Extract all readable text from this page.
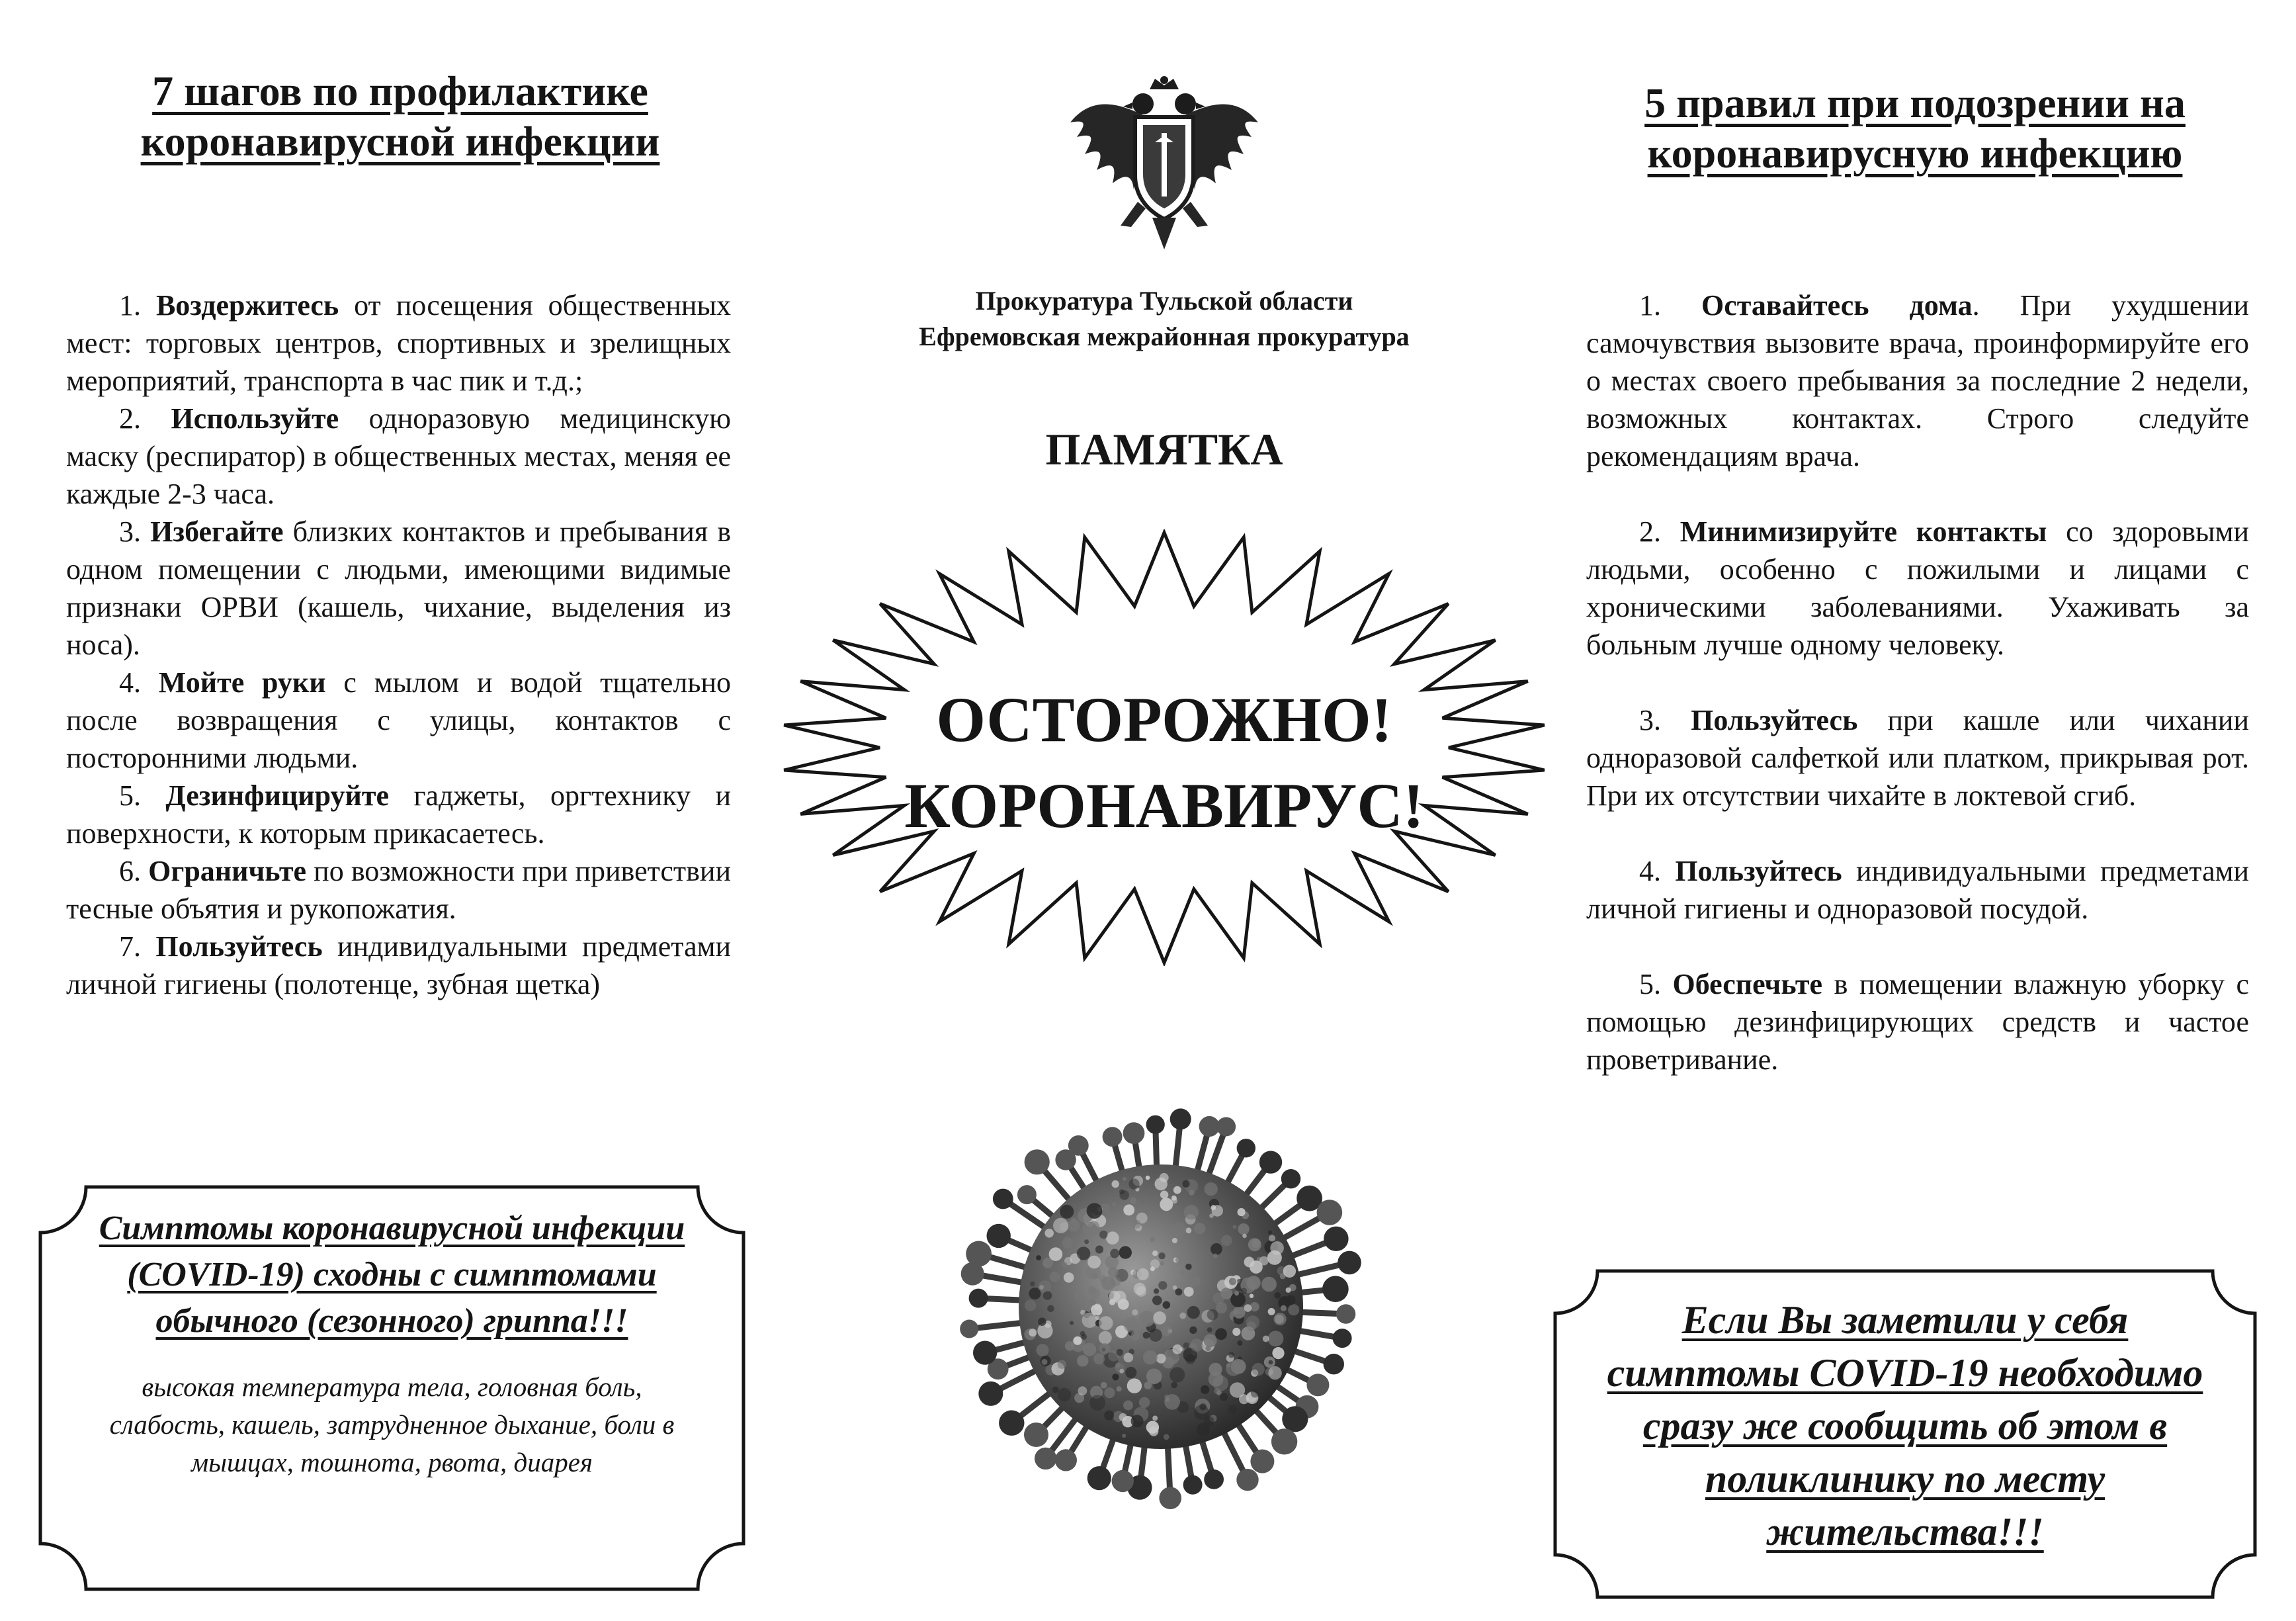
7 шагов по профилактике
коронавирусной инфекции

1. Воздержитесь от посещения общественных мест: торговых центров, спортивных и зрелищных мероприятий, транспорта в час пик и т.д.;

2. Используйте одноразовую медицинскую маску (респиратор) в общественных местах, меняя ее каждые 2-3 часа.

3. Избегайте близких контактов и пребывания в одном помещении с людьми, имеющими видимые признаки ОРВИ (кашель, чихание, выделения из носа).

4. Мойте руки с мылом и водой тщательно после возвращения с улицы, контактов с посторонними людьми.

5. Дезинфицируйте гаджеты, оргтехнику и поверхности, к которым прикасаетесь.

6. Ограничьте по возможности при приветствии тесные объятия и рукопожатия.

7. Пользуйтесь индивидуальными предметами личной гигиены (полотенце, зубная щетка)

Симптомы коронавирусной инфекции (COVID-19) сходны с симптомами обычного (сезонного) гриппа!!!
высокая температура тела, головная боль, слабость, кашель, затрудненное дыхание, боли в мышцах, тошнота, рвота, диарея
Прокуратура Тульской области
Ефремовская межрайонная прокуратура
ПАМЯТКА
ОСТОРОЖНО!
КОРОНАВИРУС!
5 правил при подозрении на
коронавирусную инфекцию

1. Оставайтесь дома. При ухудшении самочувствия вызовите врача, проинформируйте его о местах своего пребывания за последние 2 недели, возможных контактах. Строго следуйте рекомендациям врача.

2. Минимизируйте контакты со здоровыми людьми, особенно с пожилыми и лицами с хроническими заболеваниями. Ухаживать за больным лучше одному человеку.

3. Пользуйтесь при кашле или чихании одноразовой салфеткой или платком, прикрывая рот. При их отсутствии чихайте в локтевой сгиб.

4. Пользуйтесь индивидуальными предметами личной гигиены и одноразовой посудой.

5. Обеспечьте в помещении влажную уборку с помощью дезинфицирующих средств и частое проветривание.

Если Вы заметили у себя симптомы COVID-19 необходимо сразу же сообщить об этом в поликлинику по месту жительства!!!
